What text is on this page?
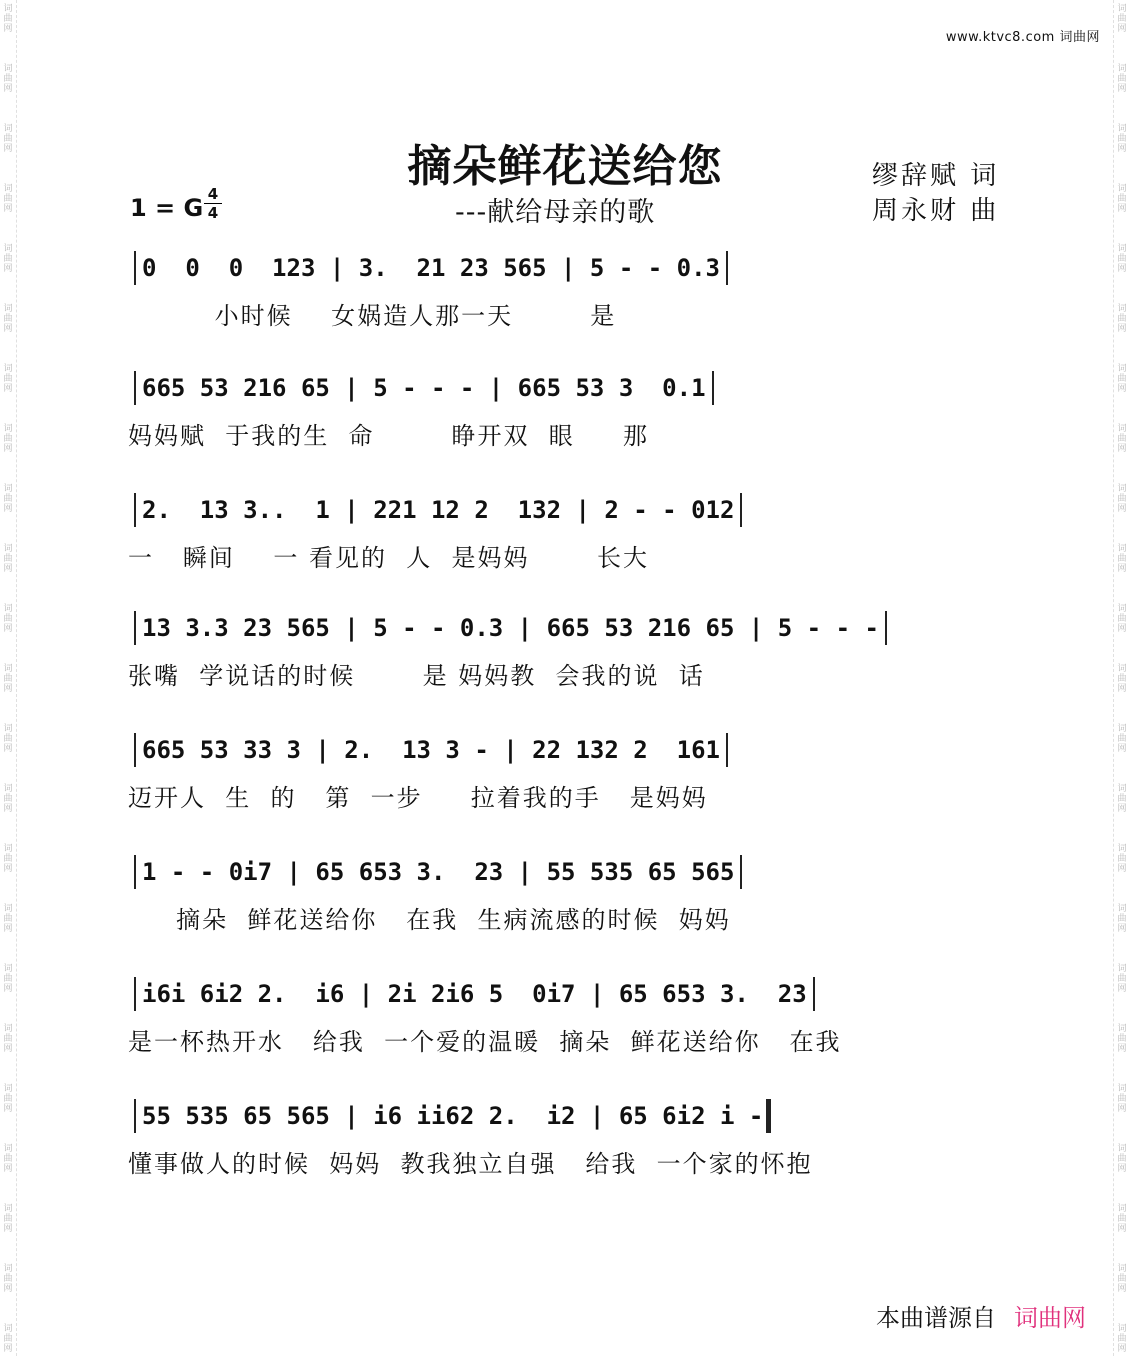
词
曲
网
词
曲
网
词
曲
网
词
曲
网
词
曲
网
词
曲
网
词
曲
网
词
曲
网
词
曲
网
词
曲
网
词
曲
网
词
曲
网
词
曲
网
词
曲
网
词
曲
网
词
曲
网
词
曲
网
词
曲
网
词
曲
网
词
曲
网
词
曲
网
词
曲
网
词
曲
网
词
曲
网
词
曲
网
词
曲
网
词
曲
网
词
曲
网
词
曲
网
词
曲
网
词
曲
网
词
曲
网
词
曲
网
词
曲
网
词
曲
网
词
曲
网
词
曲
网
词
曲
网
词
曲
网
词
曲
网
词
曲
网
词
曲
网
词
曲
网
词
曲
网
词
曲
网
词
曲
网
www.ktvc8.com 词曲网
摘朵鲜花送给您
---献给母亲的歌
缪辞赋 词
周永财 曲
1 = G 4
4
0  0  0  123 | 3.  21 23 565 | 5 - - 0.3
小时候    女娲造人那一天        是
665 53 216 65 | 5 - - - | 665 53 3  0.1
妈妈赋  于我的生  命        睁开双  眼     那
2.  13 3..  1 | 221 12 2  132 | 2 - - 012
一   瞬间    一 看见的  人  是妈妈       长大
13 3.3 23 565 | 5 - - 0.3 | 665 53 216 65 | 5 - - -
张嘴  学说话的时候       是 妈妈教  会我的说  话
665 53 33 3 | 2.  13 3 - | 22 132 2  161
迈开人  生  的   第  一步     拉着我的手   是妈妈
1 - - 0i7 | 65 653 3.  23 | 55 535 65 565
摘朵  鲜花送给你   在我  生病流感的时候  妈妈
i6i 6i2 2.  i6 | 2i 2i6 5  0i7 | 65 653 3.  23
是一杯热开水   给我  一个爱的温暖  摘朵  鲜花送给你   在我
55 535 65 565 | i6 ii62 2.  i2 | 65 6i2 i -
懂事做人的时候  妈妈  教我独立自强   给我  一个家的怀抱
本曲谱源自 词曲网
